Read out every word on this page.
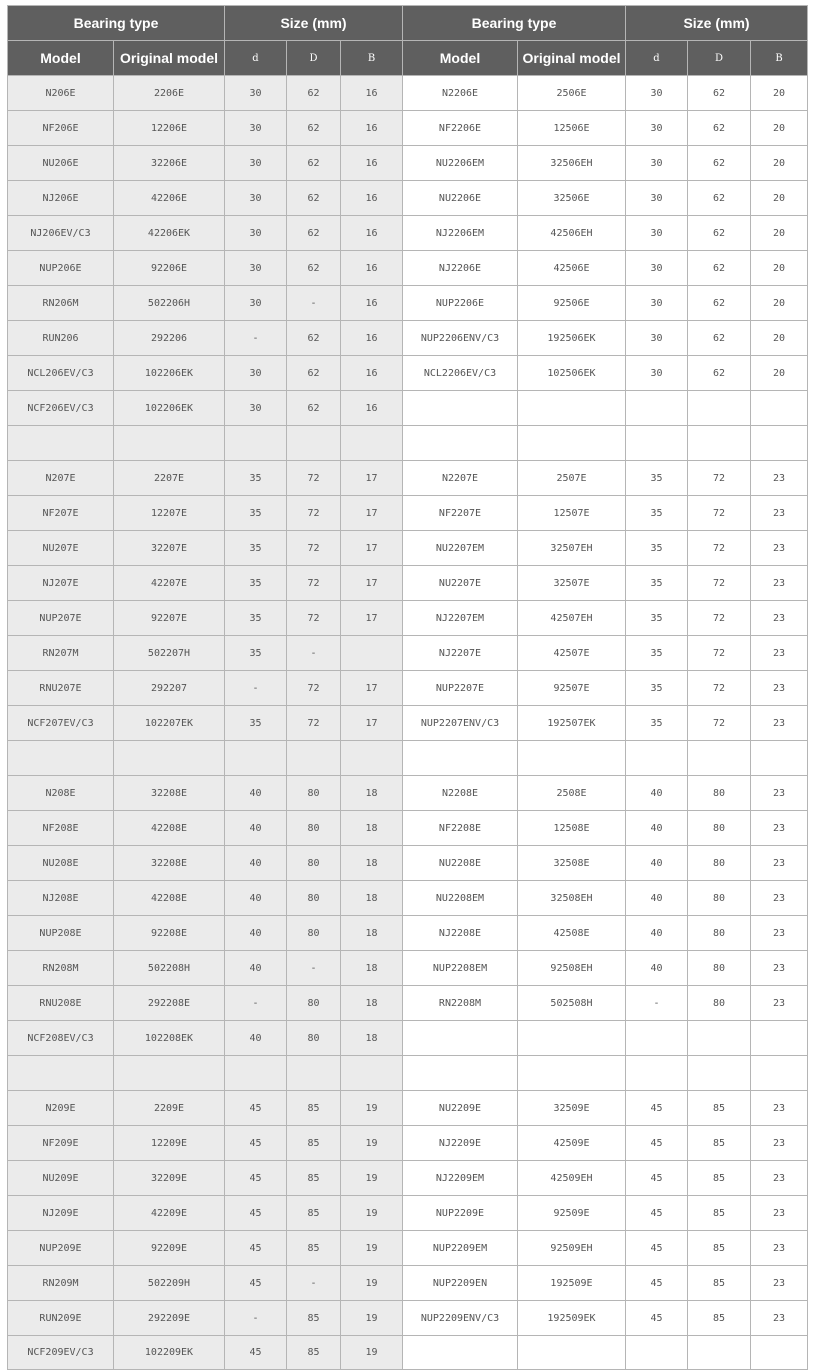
Bearing type		Size (mm)			Bearing type		Size (mm)		
Model	Original model	d	D	B	Model	Original model	d	D	B
N206E	2206E	30	62	16	N2206E	2506E	30	62	20
NF206E	12206E	30	62	16	NF2206E	12506E	30	62	20
NU206E	32206E	30	62	16	NU2206EM	32506EH	30	62	20
NJ206E	42206E	30	62	16	NU2206E	32506E	30	62	20
NJ206EV/C3	42206EK	30	62	16	NJ2206EM	42506EH	30	62	20
NUP206E	92206E	30	62	16	NJ2206E	42506E	30	62	20
RN206M	502206H	30	-	16	NUP2206E	92506E	30	62	20
RUN206	292206	-	62	16	NUP2206ENV/C3	192506EK	30	62	20
NCL206EV/C3	102206EK	30	62	16	NCL2206EV/C3	102506EK	30	62	20
NCF206EV/C3	102206EK	30	62	16					

N207E	2207E	35	72	17	N2207E	2507E	35	72	23
NF207E	12207E	35	72	17	NF2207E	12507E	35	72	23
NU207E	32207E	35	72	17	NU2207EM	32507EH	35	72	23
NJ207E	42207E	35	72	17	NU2207E	32507E	35	72	23
NUP207E	92207E	35	72	17	NJ2207EM	42507EH	35	72	23
RN207M	502207H	35	-		NJ2207E	42507E	35	72	23
RNU207E	292207	-	72	17	NUP2207E	92507E	35	72	23
NCF207EV/C3	102207EK	35	72	17	NUP2207ENV/C3	192507EK	35	72	23

N208E	32208E	40	80	18	N2208E	2508E	40	80	23
NF208E	42208E	40	80	18	NF2208E	12508E	40	80	23
NU208E	32208E	40	80	18	NU2208E	32508E	40	80	23
NJ208E	42208E	40	80	18	NU2208EM	32508EH	40	80	23
NUP208E	92208E	40	80	18	NJ2208E	42508E	40	80	23
RN208M	502208H	40	-	18	NUP2208EM	92508EH	40	80	23
RNU208E	292208E	-	80	18	RN2208M	502508H	-	80	23
NCF208EV/C3	102208EK	40	80	18					

N209E	2209E	45	85	19	NU2209E	32509E	45	85	23
NF209E	12209E	45	85	19	NJ2209E	42509E	45	85	23
NU209E	32209E	45	85	19	NJ2209EM	42509EH	45	85	23
NJ209E	42209E	45	85	19	NUP2209E	92509E	45	85	23
NUP209E	92209E	45	85	19	NUP2209EM	92509EH	45	85	23
RN209M	502209H	45	-	19	NUP2209EN	192509E	45	85	23
RUN209E	292209E	-	85	19	NUP2209ENV/C3	192509EK	45	85	23
NCF209EV/C3	102209EK	45	85	19					
